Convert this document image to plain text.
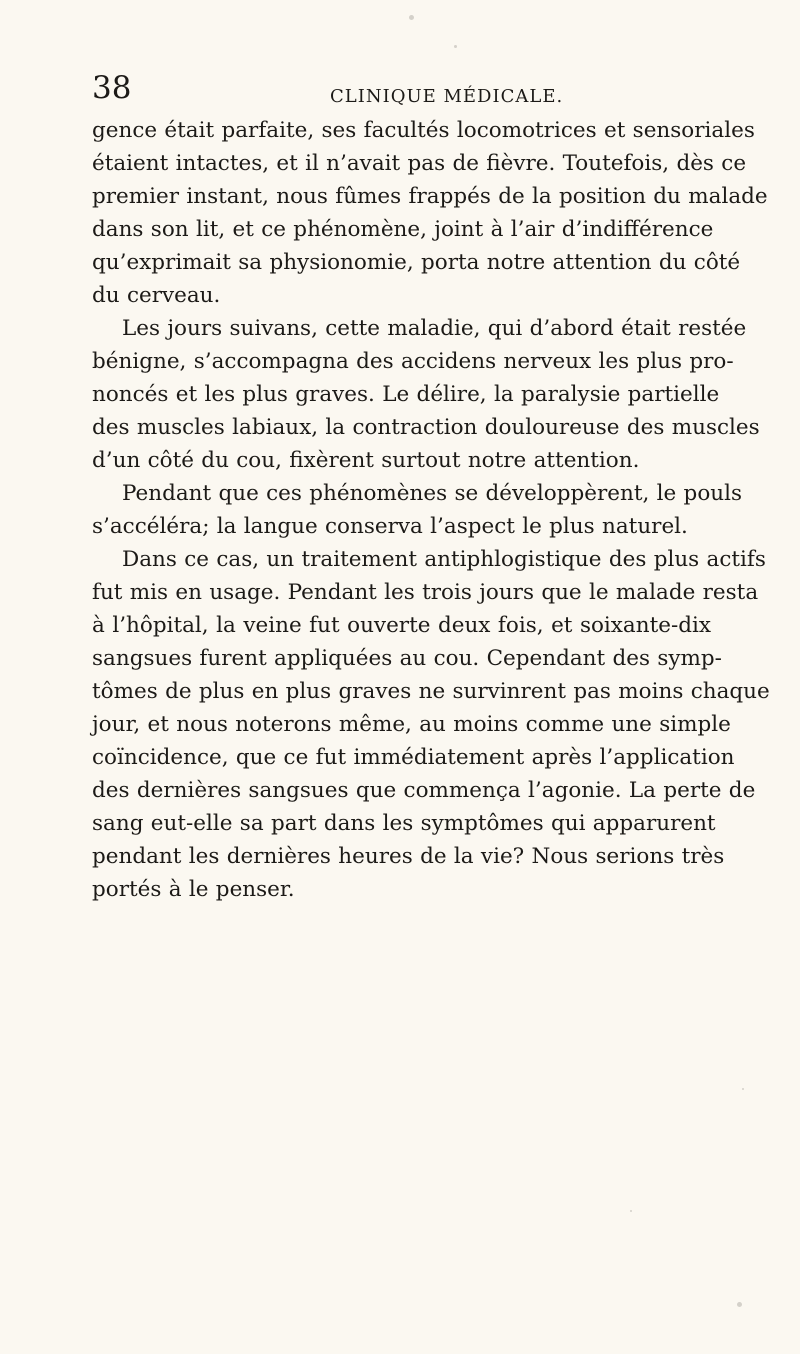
38	CLINIQUE MÉDICALE.
gence était parfaite, ses facultés locomotrices et sensoriales
étaient intactes, et il n’avait pas de fièvre. Toutefois, dès ce
premier instant, nous fûmes frappés de la position du malade
dans son lit, et ce phénomène, joint à l’air d’indifférence
qu’exprimait sa physionomie, porta notre attention du côté
du cerveau.
Les jours suivans, cette maladie, qui d’abord était restée
bénigne, s’accompagna des accidens nerveux les plus pro-
noncés et les plus graves. Le délire, la paralysie partielle
des muscles labiaux, la contraction douloureuse des muscles
d’un côté du cou, fixèrent surtout notre attention.
Pendant que ces phénomènes se développèrent, le pouls
s’accéléra; la langue conserva l’aspect le plus naturel.
Dans ce cas, un traitement antiphlogistique des plus actifs
fut mis en usage. Pendant les trois jours que le malade resta
à l’hôpital, la veine fut ouverte deux fois, et soixante-dix
sangsues furent appliquées au cou. Cependant des symp-
tômes de plus en plus graves ne survinrent pas moins chaque
jour, et nous noterons même, au moins comme une simple
coïncidence, que ce fut immédiatement après l’application
des dernières sangsues que commença l’agonie. La perte de
sang eut-elle sa part dans les symptômes qui apparurent
pendant les dernières heures de la vie? Nous serions très
portés à le penser.
